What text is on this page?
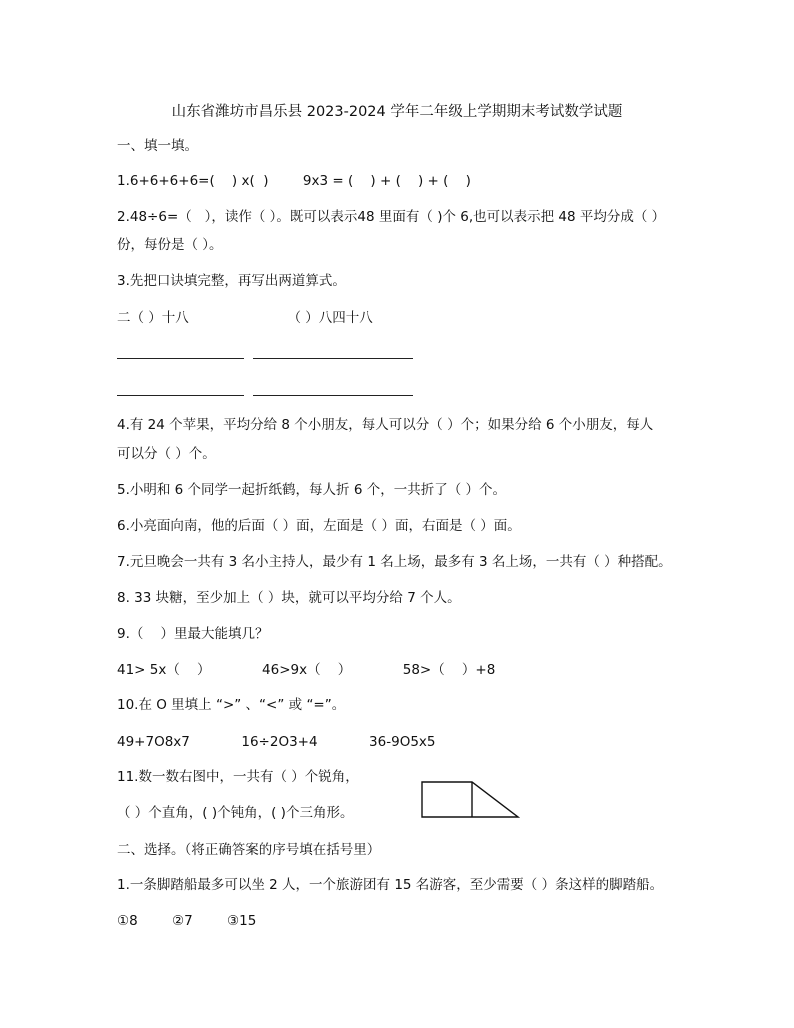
山东省潍坊市昌乐县 2023-2024 学年二年级上学期期末考试数学试题
一、填一填。
1.6+6+6+6=(    ) x(  )        9x3 = (    ) + (    ) + (    )
2.48÷6=（   ），读作（ ）。既可以表示48 里面有（ )个 6,也可以表示把 48 平均分成（ ）
份，每份是（ ）。
3.先把口诀填完整，再写出两道算式。
二（ ）十八                       （ ）八四十八
4.有 24 个苹果，平均分给 8 个小朋友，每人可以分（ ）个；如果分给 6 个小朋友，每人
可以分（ ）个。
5.小明和 6 个同学一起折纸鹤，每人折 6 个，一共折了（ ）个。
6.小亮面向南，他的后面（ ）面，左面是（ ）面，右面是（ ）面。
7.元旦晚会一共有 3 名小主持人，最少有 1 名上场，最多有 3 名上场，一共有（ ）种搭配。
8. 33 块糖，至少加上（ ）块，就可以平均分给 7 个人。
9.（    ）里最大能填几？
41> 5x（    ）            46>9x（    ）            58>（    ）+8
10.在 O 里填上 “>” 、“<” 或 “=”。
49+7O8x7            16÷2O3+4            36-9O5x5
11.数一数右图中，一共有（ ）个锐角，
（ ）个直角，( )个钝角，( )个三角形。
二、选择。（将正确答案的序号填在括号里）
1.一条脚踏船最多可以坐 2 人，一个旅游团有 15 名游客，至少需要（ ）条这样的脚踏船。
①8        ②7        ③15
